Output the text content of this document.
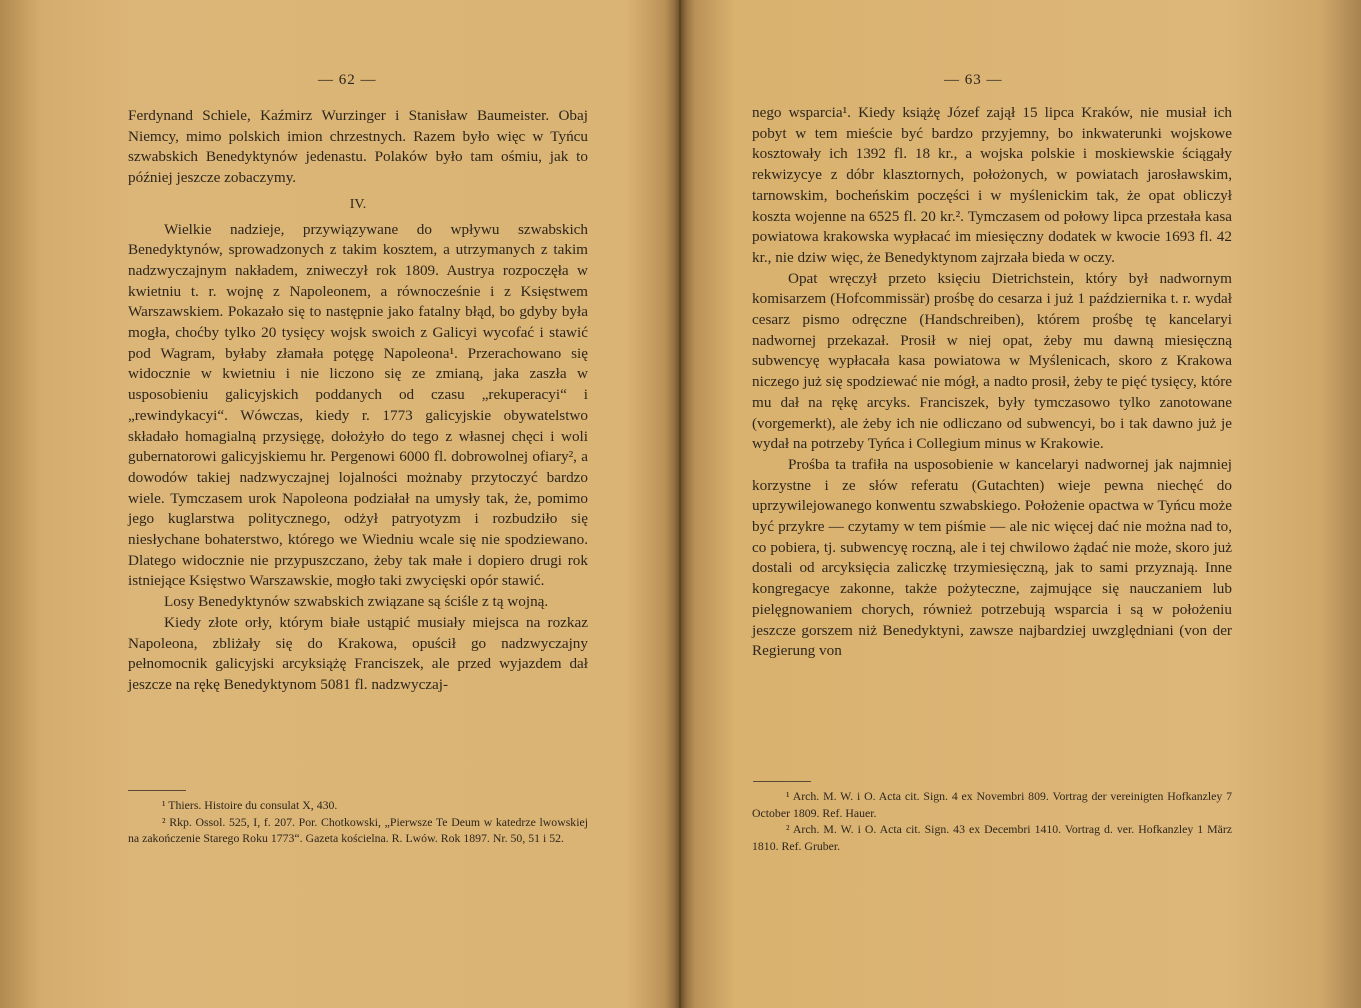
— 62 —

Ferdynand Schiele, Kaźmirz Wurzinger i Stanisław Baumeister. Obaj Niemcy, mimo polskich imion chrzestnych. Razem było więc w Tyńcu szwabskich Benedyktynów jedenastu. Polaków było tam ośmiu, jak to później jeszcze zobaczymy.

IV.

Wielkie nadzieje, przywiązywane do wpływu szwabskich Benedyktynów, sprowadzonych z takim kosztem, a utrzymanych z takim nadzwyczajnym nakładem, zniweczył rok 1809. Austrya rozpoczęła w kwietniu t. r. wojnę z Napoleonem, a równocześnie i z Księstwem Warszawskiem. Pokazało się to następnie jako fatalny błąd, bo gdyby była mogła, choćby tylko 20 tysięcy wojsk swoich z Galicyi wycofać i stawić pod Wagram, byłaby złamała potęgę Napoleona¹. Przerachowano się widocznie w kwietniu i nie liczono się ze zmianą, jaka zaszła w usposobieniu galicyjskich poddanych od czasu „rekuperacyi“ i „rewindykacyi“. Wówczas, kiedy r. 1773 galicyjskie obywatelstwo składało homagialną przysięgę, dołożyło do tego z własnej chęci i woli gubernatorowi galicyjskiemu hr. Pergenowi 6000 fl. dobrowolnej ofiary², a dowodów takiej nadzwyczajnej lojalności możnaby przytoczyć bardzo wiele. Tymczasem urok Napoleona podziałał na umysły tak, że, pomimo jego kuglarstwa politycznego, odżył patryotyzm i rozbudziło się niesłychane bohaterstwo, którego we Wiedniu wcale się nie spodziewano. Dlatego widocznie nie przypuszczano, żeby tak małe i dopiero drugi rok istniejące Księstwo Warszawskie, mogło taki zwycięski opór stawić.

Losy Benedyktynów szwabskich związane są ściśle z tą wojną.

Kiedy złote orły, którym białe ustąpić musiały miejsca na rozkaz Napoleona, zbliżały się do Krakowa, opuścił go nadzwyczajny pełnomocnik galicyjski arcyksiążę Franciszek, ale przed wyjazdem dał jeszcze na rękę Benedyktynom 5081 fl. nadzwyczaj-

¹ Thiers. Histoire du consulat X, 430.

² Rkp. Ossol. 525, I, f. 207. Por. Chotkowski, „Pierwsze Te Deum w katedrze lwowskiej na zakończenie Starego Roku 1773“. Gazeta kościelna. R. Lwów. Rok 1897. Nr. 50, 51 i 52.

— 63 —

nego wsparcia¹. Kiedy książę Józef zajął 15 lipca Kraków, nie musiał ich pobyt w tem mieście być bardzo przyjemny, bo inkwaterunki wojskowe kosztowały ich 1392 fl. 18 kr., a wojska polskie i moskiewskie ściągały rekwizycye z dóbr klasztornych, położonych, w powiatach jarosławskim, tarnowskim, bocheńskim poczęści i w myślenickim tak, że opat obliczył koszta wojenne na 6525 fl. 20 kr.². Tymczasem od połowy lipca przestała kasa powiatowa krakowska wypłacać im miesięczny dodatek w kwocie 1693 fl. 42 kr., nie dziw więc, że Benedyktynom zajrzała bieda w oczy.

Opat wręczył przeto księciu Dietrichstein, który był nadwornym komisarzem (Hofcommissär) prośbę do cesarza i już 1 października t. r. wydał cesarz pismo odręczne (Handschreiben), którem prośbę tę kancelaryi nadwornej przekazał. Prosił w niej opat, żeby mu dawną miesięczną subwencyę wypłacała kasa powiatowa w Myślenicach, skoro z Krakowa niczego już się spodziewać nie mógł, a nadto prosił, żeby te pięć tysięcy, które mu dał na rękę arcyks. Franciszek, były tymczasowo tylko zanotowane (vorgemerkt), ale żeby ich nie odliczano od subwencyi, bo i tak dawno już je wydał na potrzeby Tyńca i Collegium minus w Krakowie.

Prośba ta trafiła na usposobienie w kancelaryi nadwornej jak najmniej korzystne i ze słów referatu (Gutachten) wieje pewna niechęć do uprzywilejowanego konwentu szwabskiego. Położenie opactwa w Tyńcu może być przykre — czytamy w tem piśmie — ale nic więcej dać nie można nad to, co pobiera, tj. subwencyę roczną, ale i tej chwilowo żądać nie może, skoro już dostali od arcyksięcia zaliczkę trzymiesięczną, jak to sami przyznają. Inne kongregacye zakonne, także pożyteczne, zajmujące się nauczaniem lub pielęgnowaniem chorych, również potrzebują wsparcia i są w położeniu jeszcze gorszem niż Benedyktyni, zawsze najbardziej uwzględniani (von der Regierung von

¹ Arch. M. W. i O. Acta cit. Sign. 4 ex Novembri 809. Vortrag der vereinigten Hofkanzley 7 October 1809. Ref. Hauer.

² Arch. M. W. i O. Acta cit. Sign. 43 ex Decembri 1410. Vortrag d. ver. Hofkanzley 1 März 1810. Ref. Gruber.
